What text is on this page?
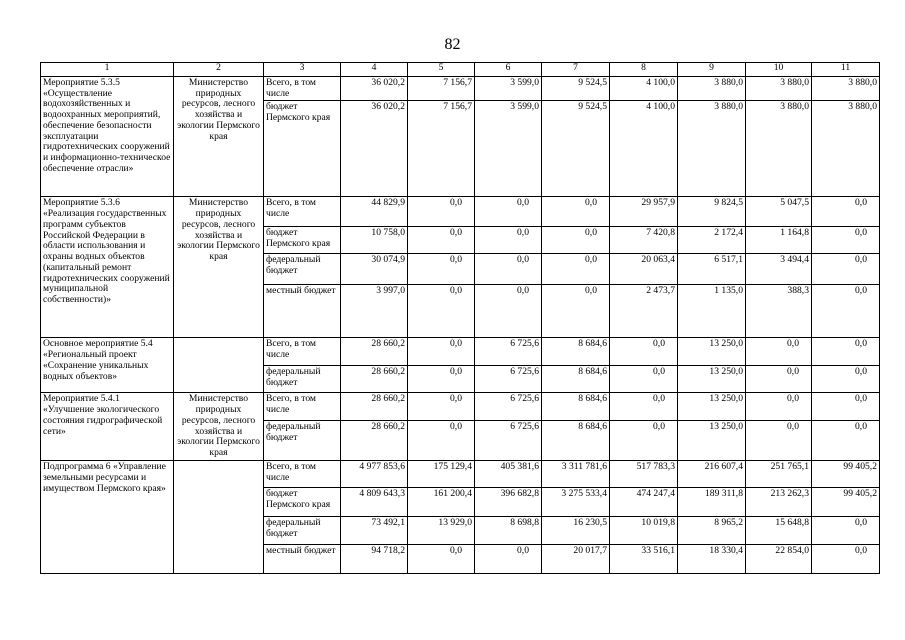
82
1	2	3	4	5	6	7	8	9	10	11
Мероприятие 5.3.5 «Осуществление водохозяйственных и водоохранных мероприятий, обеспечение безопасности эксплуатации гидротехнических сооружений и информационно-техническое обеспечение отрасли»	Министерство природных ресурсов, лесного хозяйства и экологии Пермского края	Всего, в том числе	36 020,2	7 156,7	3 599,0	9 524,5	4 100,0	3 880,0	3 880,0	3 880,0
		бюджет Пермского края	36 020,2	7 156,7	3 599,0	9 524,5	4 100,0	3 880,0	3 880,0	3 880,0
Мероприятие 5.3.6 «Реализация государственных программ субъектов Российской Федерации в области использования и охраны водных объектов (капитальный ремонт гидротехнических сооружений муниципальной собственности)»	Министерство природных ресурсов, лесного хозяйства и экологии Пермского края	Всего, в том числе	44 829,9	0,0	0,0	0,0	29 957,9	9 824,5	5 047,5	0,0
		бюджет Пермского края	10 758,0	0,0	0,0	0,0	7 420,8	2 172,4	1 164,8	0,0
		федеральный бюджет	30 074,9	0,0	0,0	0,0	20 063,4	6 517,1	3 494,4	0,0
		местный бюджет	3 997,0	0,0	0,0	0,0	2 473,7	1 135,0	388,3	0,0
Основное мероприятие 5.4 «Региональный проект «Сохранение уникальных водных объектов»		Всего, в том числе	28 660,2	0,0	6 725,6	8 684,6	0,0	13 250,0	0,0	0,0
		федеральный бюджет	28 660,2	0,0	6 725,6	8 684,6	0,0	13 250,0	0,0	0,0
Мероприятие 5.4.1 «Улучшение экологического состояния гидрографической сети»	Министерство природных ресурсов, лесного хозяйства и экологии Пермского края	Всего, в том числе	28 660,2	0,0	6 725,6	8 684,6	0,0	13 250,0	0,0	0,0
		федеральный бюджет	28 660,2	0,0	6 725,6	8 684,6	0,0	13 250,0	0,0	0,0
Подпрограмма 6 «Управление земельными ресурсами и имуществом Пермского края»		Всего, в том числе	4 977 853,6	175 129,4	405 381,6	3 311 781,6	517 783,3	216 607,4	251 765,1	99 405,2
		бюджет Пермского края	4 809 643,3	161 200,4	396 682,8	3 275 533,4	474 247,4	189 311,8	213 262,3	99 405,2
		федеральный бюджет	73 492,1	13 929,0	8 698,8	16 230,5	10 019,8	8 965,2	15 648,8	0,0
		местный бюджет	94 718,2	0,0	0,0	20 017,7	33 516,1	18 330,4	22 854,0	0,0
